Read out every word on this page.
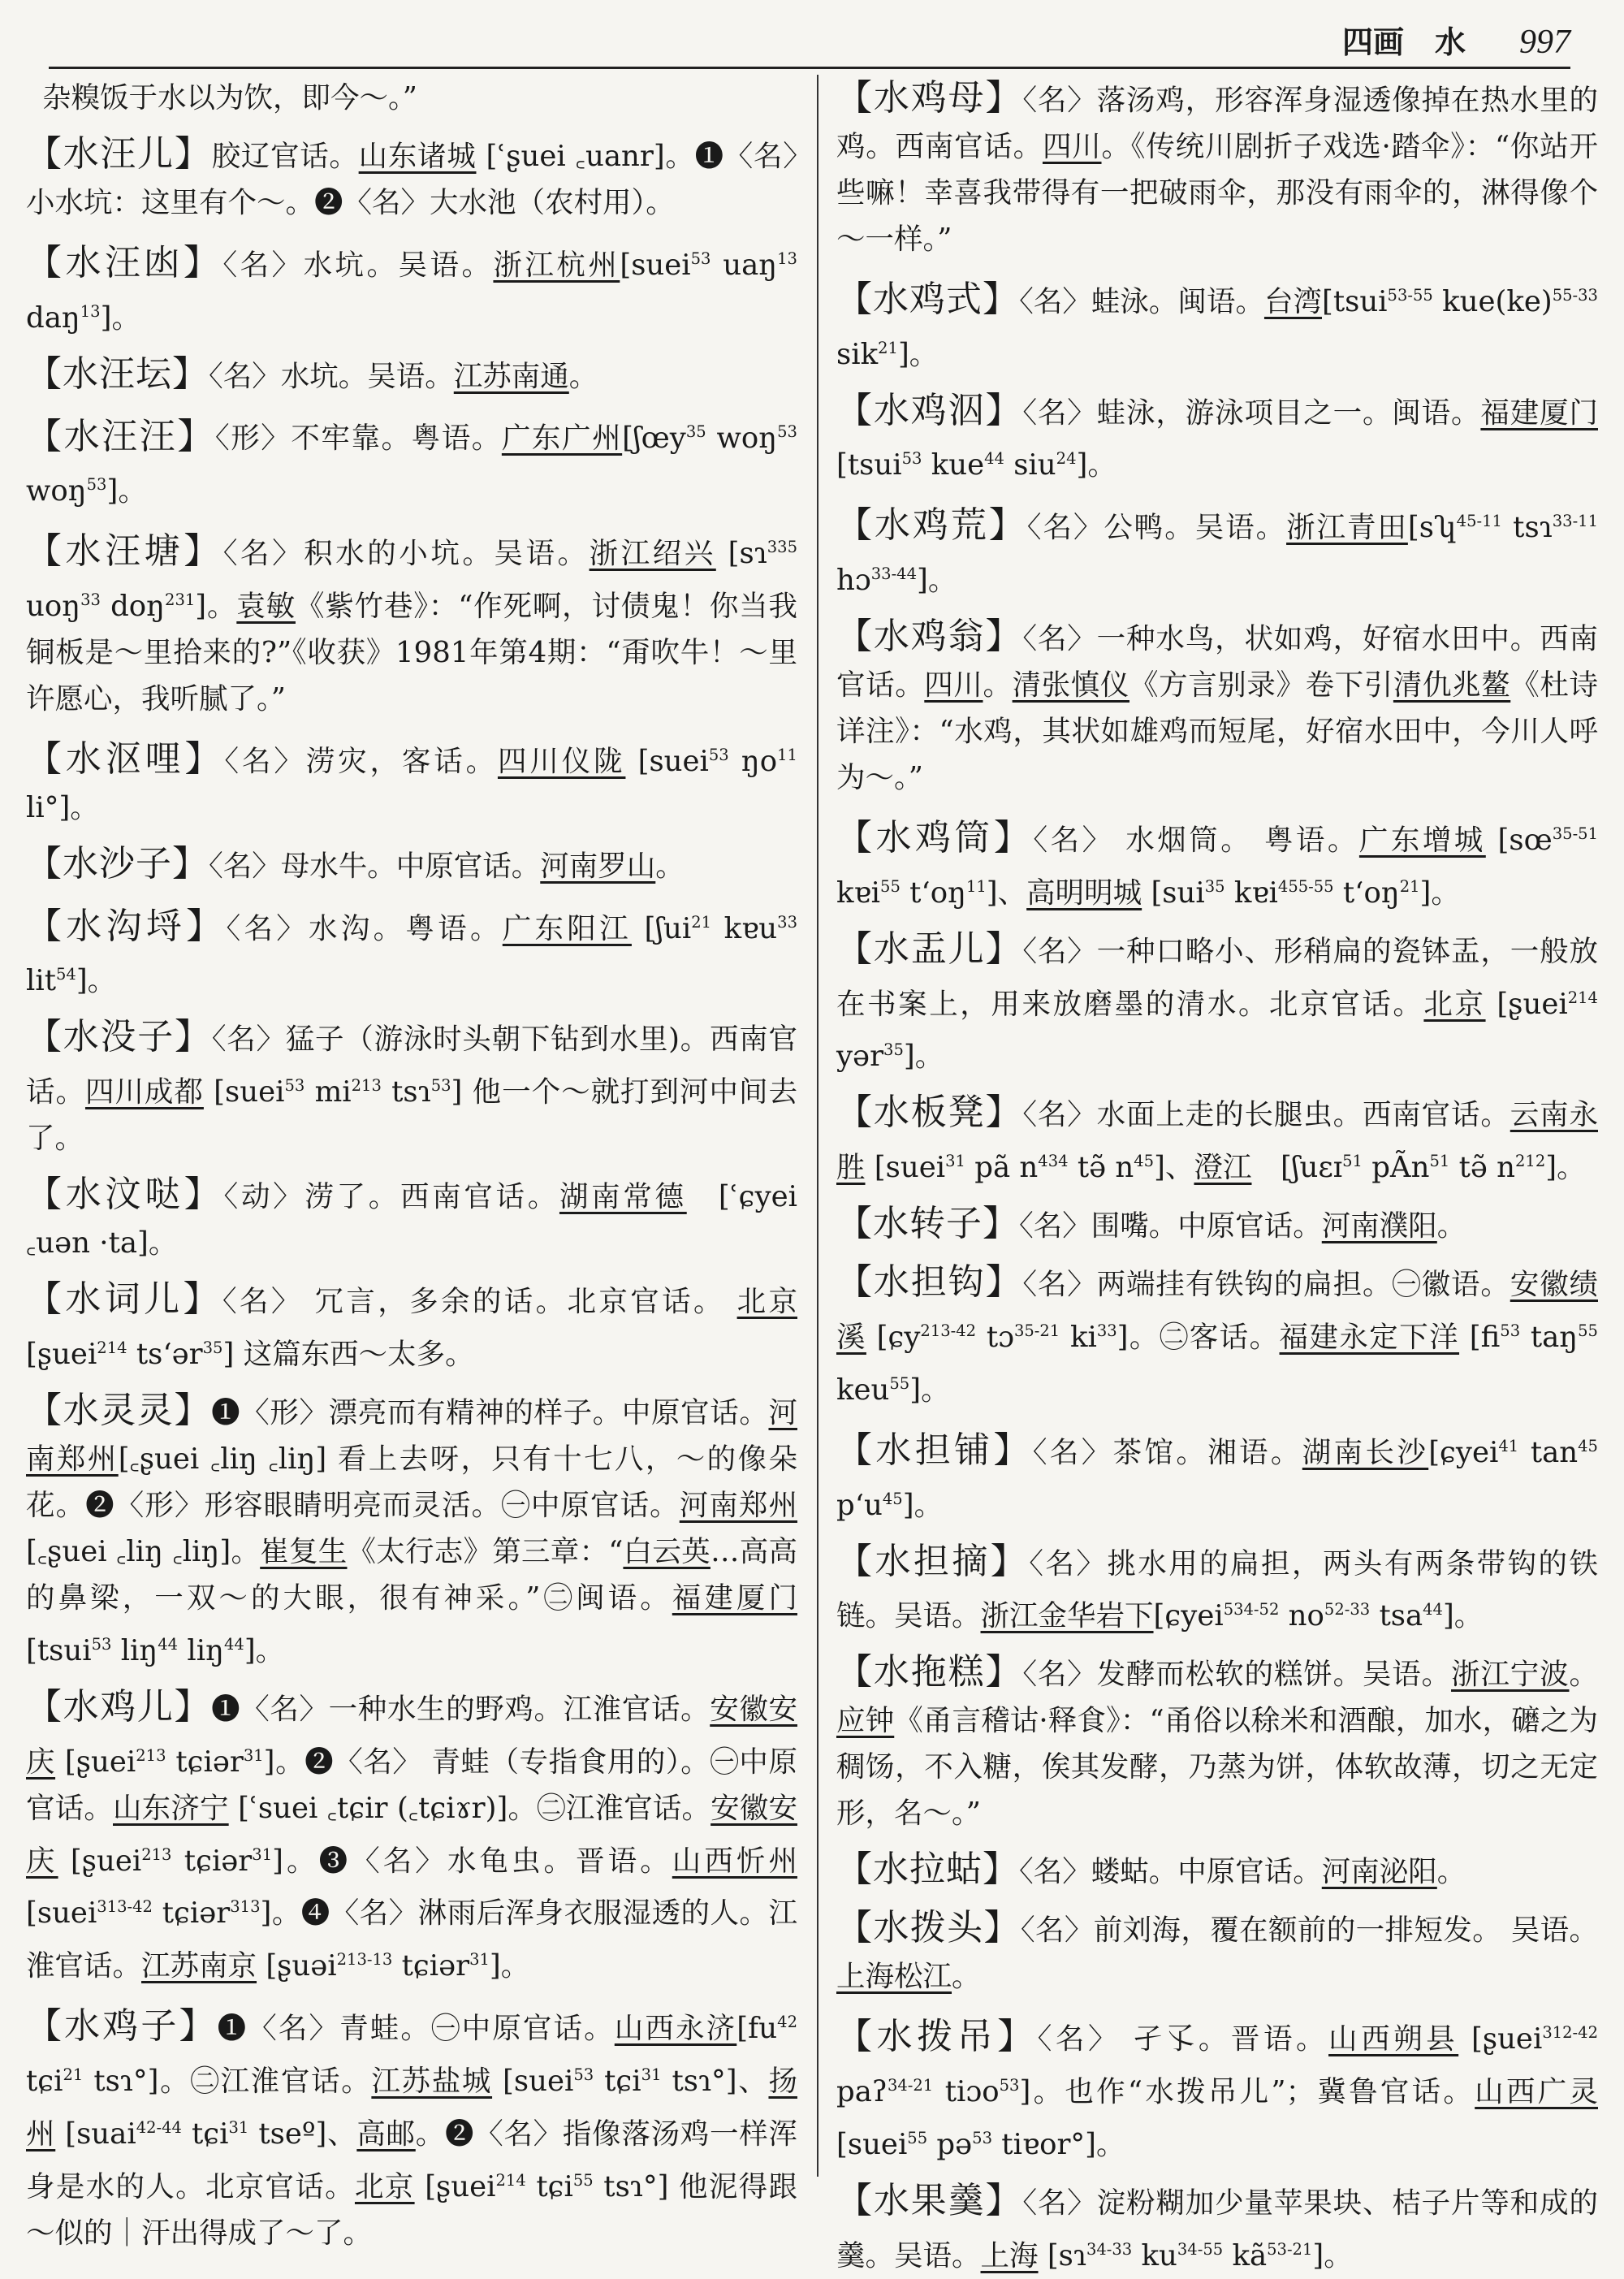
四画 水 997

杂糗饭于水以为饮，即今～。”

【水汪儿】胶辽官话。山东诸城 [ʿʂuei ꜀uanr]。❶〈名〉小水坑：这里有个～。❷〈名〉大水池（农村用）。

【水汪凼】〈名〉水坑。吴语。浙江杭州[suei$^{53}$ uaŋ$^{13}$ daŋ$^{13}$]。

【水汪坛】〈名〉水坑。吴语。江苏南通。

【水汪汪】〈形〉不牢靠。粤语。广东广州[ʃœy$^{35}$ woŋ$^{53}$ woŋ$^{53}$]。

【水汪塘】〈名〉积水的小坑。吴语。浙江绍兴 [sɿ$^{335}$ uoŋ$^{33}$ doŋ$^{231}$]。袁敏《紫竹巷》：“作死啊，讨债鬼！你当我铜板是～里拾来的?”《收获》1981年第4期：“甭吹牛！～里许愿心，我听腻了。”

【水沤哩】〈名〉涝灾，客话。四川仪陇 [suei$^{53}$ $ŋo^{11}$ li°]。

【水沙子】〈名〉母水牛。中原官话。河南罗山。

【水沟埒】〈名〉水沟。粤语。广东阳江 [ʃui$^{21}$ kɐu$^{33}$ lit$^{54}$]。

【水没子】〈名〉猛子（游泳时头朝下钻到水里)。西南官话。四川成都 [suei$^{53}$ $mi^{213}$ tsɿ$^{53}$] 他一个～就打到河中间去了。

【水汶哒】〈动〉涝了。西南官话。湖南常德　[ʿɕyei ꜀uən ·ta]。

【水词儿】〈名〉 冗言，多余的话。北京官话。 北京 [ʂuei$^{214}$ tsʻər$^{35}$] 这篇东西～太多。

【水灵灵】❶〈形〉漂亮而有精神的样子。中原官话。河南郑州[꜀ʂuei ꜀liŋ ꜀liŋ] 看上去呀，只有十七八，～的像朵花。❷〈形〉形容眼睛明亮而灵活。㊀中原官话。河南郑州 [꜀ʂuei ꜀liŋ ꜀liŋ]。崔复生《太行志》第三章：“白云英…高高的鼻梁，一双～的大眼，很有神采。”㊁闽语。福建厦门 [tsui$^{53}$ liŋ$^{44}$ liŋ$^{44}$]。

【水鸡儿】❶〈名〉一种水生的野鸡。江淮官话。安徽安庆 [ʂuei$^{213}$ tɕiər$^{31}$]。❷〈名〉 青蛙（专指食用的）。㊀中原官话。山东济宁 [ʿsuei ꜀tɕir (꜀tɕiɤr)]。㊁江淮官话。安徽安庆 [ʂuei$^{213}$ tɕiər$^{31}$]。❸〈名〉水龟虫。晋语。山西忻州 [suei$^{313-42}$ tɕiər$^{313}$]。❹〈名〉淋雨后浑身衣服湿透的人。江淮官话。江苏南京 [ʂuəi$^{213-13}$ tɕiər$^{31}$]。

【水鸡子】❶〈名〉青蛙。㊀中原官话。山西永济[$fu^{42}$ tɕi$^{21}$ tsɿ°]。㊁江淮官话。江苏盐城 [suei$^{53}$ tɕi$^{31}$ tsɿ°]、扬州 [suai$^{42-44}$ tɕi$^{31}$ tseº]、高邮。❷〈名〉指像落汤鸡一样浑身是水的人。北京官话。北京 [ʂuei$^{214}$ tɕi$^{55}$ tsɿ°] 他泥得跟～似的｜汗出得成了～了。

【水鸡母】〈名〉落汤鸡，形容浑身湿透像掉在热水里的鸡。西南官话。四川。《传统川剧折子戏选·踏伞》：“你站开些嘛！幸喜我带得有一把破雨伞，那没有雨伞的，淋得像个～一样。”

【水鸡式】〈名〉蛙泳。闽语。台湾[tsui$^{53-55}$ kue(ke)$^{55-33}$ sik$^{21}$]。

【水鸡泅】〈名〉蛙泳，游泳项目之一。闽语。福建厦门 [tsui$^{53}$ kue$^{44}$ siu$^{24}$]。

【水鸡荒】〈名〉公鸭。吴语。浙江青田[sʮ$^{45-11}$ tsɿ$^{33-11}$ hɔ$^{33-44}$]。

【水鸡翁】〈名〉一种水鸟，状如鸡，好宿水田中。西南官话。四川。清张慎仪《方言别录》卷下引清仇兆鳌《杜诗详注》：“水鸡，其状如雄鸡而短尾，好宿水田中，今川人呼为～。”

【水鸡筒】〈名〉 水烟筒。 粤语。广东增城 [$sœ^{35-51}$ kɐi$^{55}$ tʻoŋ$^{11}$]、高明明城 [sui$^{35}$ kɐi$^{455-55}$ tʻoŋ$^{21}$]。

【水盂儿】〈名〉一种口略小、形稍扁的瓷钵盂，一般放在书案上，用来放磨墨的清水。北京官话。北京 [ʂuei$^{214}$ yər$^{35}$]。

【水板凳】〈名〉水面上走的长腿虫。西南官话。云南永胜 [suei$^{31}$ pã $n^{434}$ tə̃ $n^{45}$]、澄江　[ʃuɛɪ$^{51}$ pÃn$^{51}$ tə̃ $n^{212}$]。

【水转子】〈名〉围嘴。中原官话。河南濮阳。

【水担钩】〈名〉两端挂有铁钩的扁担。㊀徽语。安徽绩溪 [ɕy$^{213-42}$ tɔ$^{35-21}$ $ki^{33}$]。㊁客话。福建永定下洋 [$fi^{53}$ taŋ$^{55}$ keu$^{55}$]。

【水担铺】〈名〉茶馆。湘语。湖南长沙[ɕyei$^{41}$ $\tan^{45}$ pʻu$^{45}$]。

【水担摘】〈名〉挑水用的扁担，两头有两条带钩的铁链。吴语。浙江金华岩下[ɕyei$^{534-52}$ $no^{52-33}$ tsa$^{44}$]。

【水拖糕】〈名〉发酵而松软的糕饼。吴语。浙江宁波。应钟《甬言稽诂·释食》：“甬俗以稌米和酒酿，加水，礳之为稠饧，不入糖，俟其发酵，乃蒸为饼，体软故薄，切之无定形，名～。”

【水拉蛄】〈名〉蝼蛄。中原官话。河南泌阳。

【水拨头】〈名〉前刘海，覆在额前的一排短发。 吴语。上海松江。

【水拨吊】〈名〉 孑孓。晋语。山西朔县 [ʂuei$^{312-42}$ paʔ$^{34-21}$ tiɔo$^{53}$]。也作“水拨吊儿”；冀鲁官话。山西广灵 [suei$^{55}$ pə$^{53}$ tiɐor°]。

【水果羹】〈名〉淀粉糊加少量苹果块、桔子片等和成的羹。吴语。上海 [sɿ$^{34-33}$ $ku^{34-55}$ $kã^{53-21}$]。
